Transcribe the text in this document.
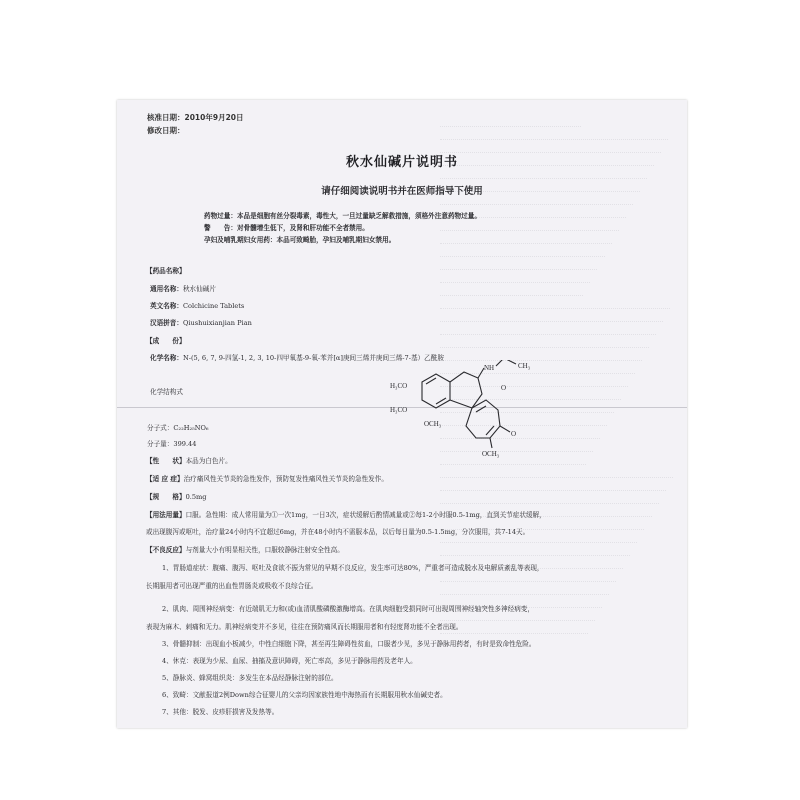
核准日期：2010年9月20日
修改日期：
秋水仙碱片说明书
请仔细阅读说明书并在医师指导下使用
药物过量：本品是细胞有丝分裂毒素，毒性大，一旦过量缺乏解救措施，须格外注意药物过量。
警　　告：对骨髓增生低下，及肾和肝功能不全者禁用。
孕妇及哺乳期妇女用药：本品可致畸胎，孕妇及哺乳期妇女禁用。
【药品名称】
通用名称：秋水仙碱片
英文名称：Colchicine Tablets
汉语拼音：Qiushuixianjian Pian
【成　　份】
化学名称：N-(5, 6, 7, 9-四氢-1, 2, 3, 10-四甲氧基-9-氧-苯并[α]庚间三烯并庚间三烯-7-基）乙酰胺
化学结构式
H₃CO
H₃CO
OCH₃
NH	CH₃
O
O
OCH₃
分子式：C₂₂H₂₅NO₆
分子量：399.44
【性　　状】本品为白色片。
【适 应 症】治疗痛风性关节炎的急性发作，预防复发性痛风性关节炎的急性发作。
【规　　格】0.5mg
【用法用量】口服。急性期：成人常用量为①一次1mg，一日3次，症状缓解后酌情减量或②每1-2小时服0.5-1mg，直到关节症状缓解，
或出现腹泻或呕吐，治疗量24小时内不宜超过6mg，并在48小时内不需服本品，以后每日量为0.5-1.5mg，分次服用，共7-14天。
【不良反应】与剂量大小有明显相关性，口服较静脉注射安全性高。
1、胃肠道症状：腹痛、腹泻、呕吐及食欲不振为常见的早期不良反应，发生率可达80%，严重者可造成脱水及电解质紊乱等表现，
长期服用者可出现严重的出血性胃肠炎或吸收不良综合征。
2、肌肉、周围神经病变：有近端肌无力和(或)血清肌酸磷酸激酶增高。在肌肉细胞受损同时可出现周围神经轴突性多神经病变，
表现为麻木、刺痛和无力。肌神经病变并不多见，往往在预防痛风而长期服用者和有轻度肾功能不全者出现。
3、骨髓抑制：出现血小板减少，中性白细胞下降，甚至再生障碍性贫血，口服者少见，多见于静脉用药者，有时是致命性危险。
4、休克：表现为少尿、血尿、抽搐及意识障碍，死亡率高，多见于静脉用药及老年人。
5、静脉炎、蜂窝组织炎：多发生在本品经静脉注射的部位。
6、致畸：文献报道2例Down综合征婴儿的父亲均因家族性地中海热而有长期服用秋水仙碱史者。
7、其他：脱发、皮疹肝损害及发热等。
